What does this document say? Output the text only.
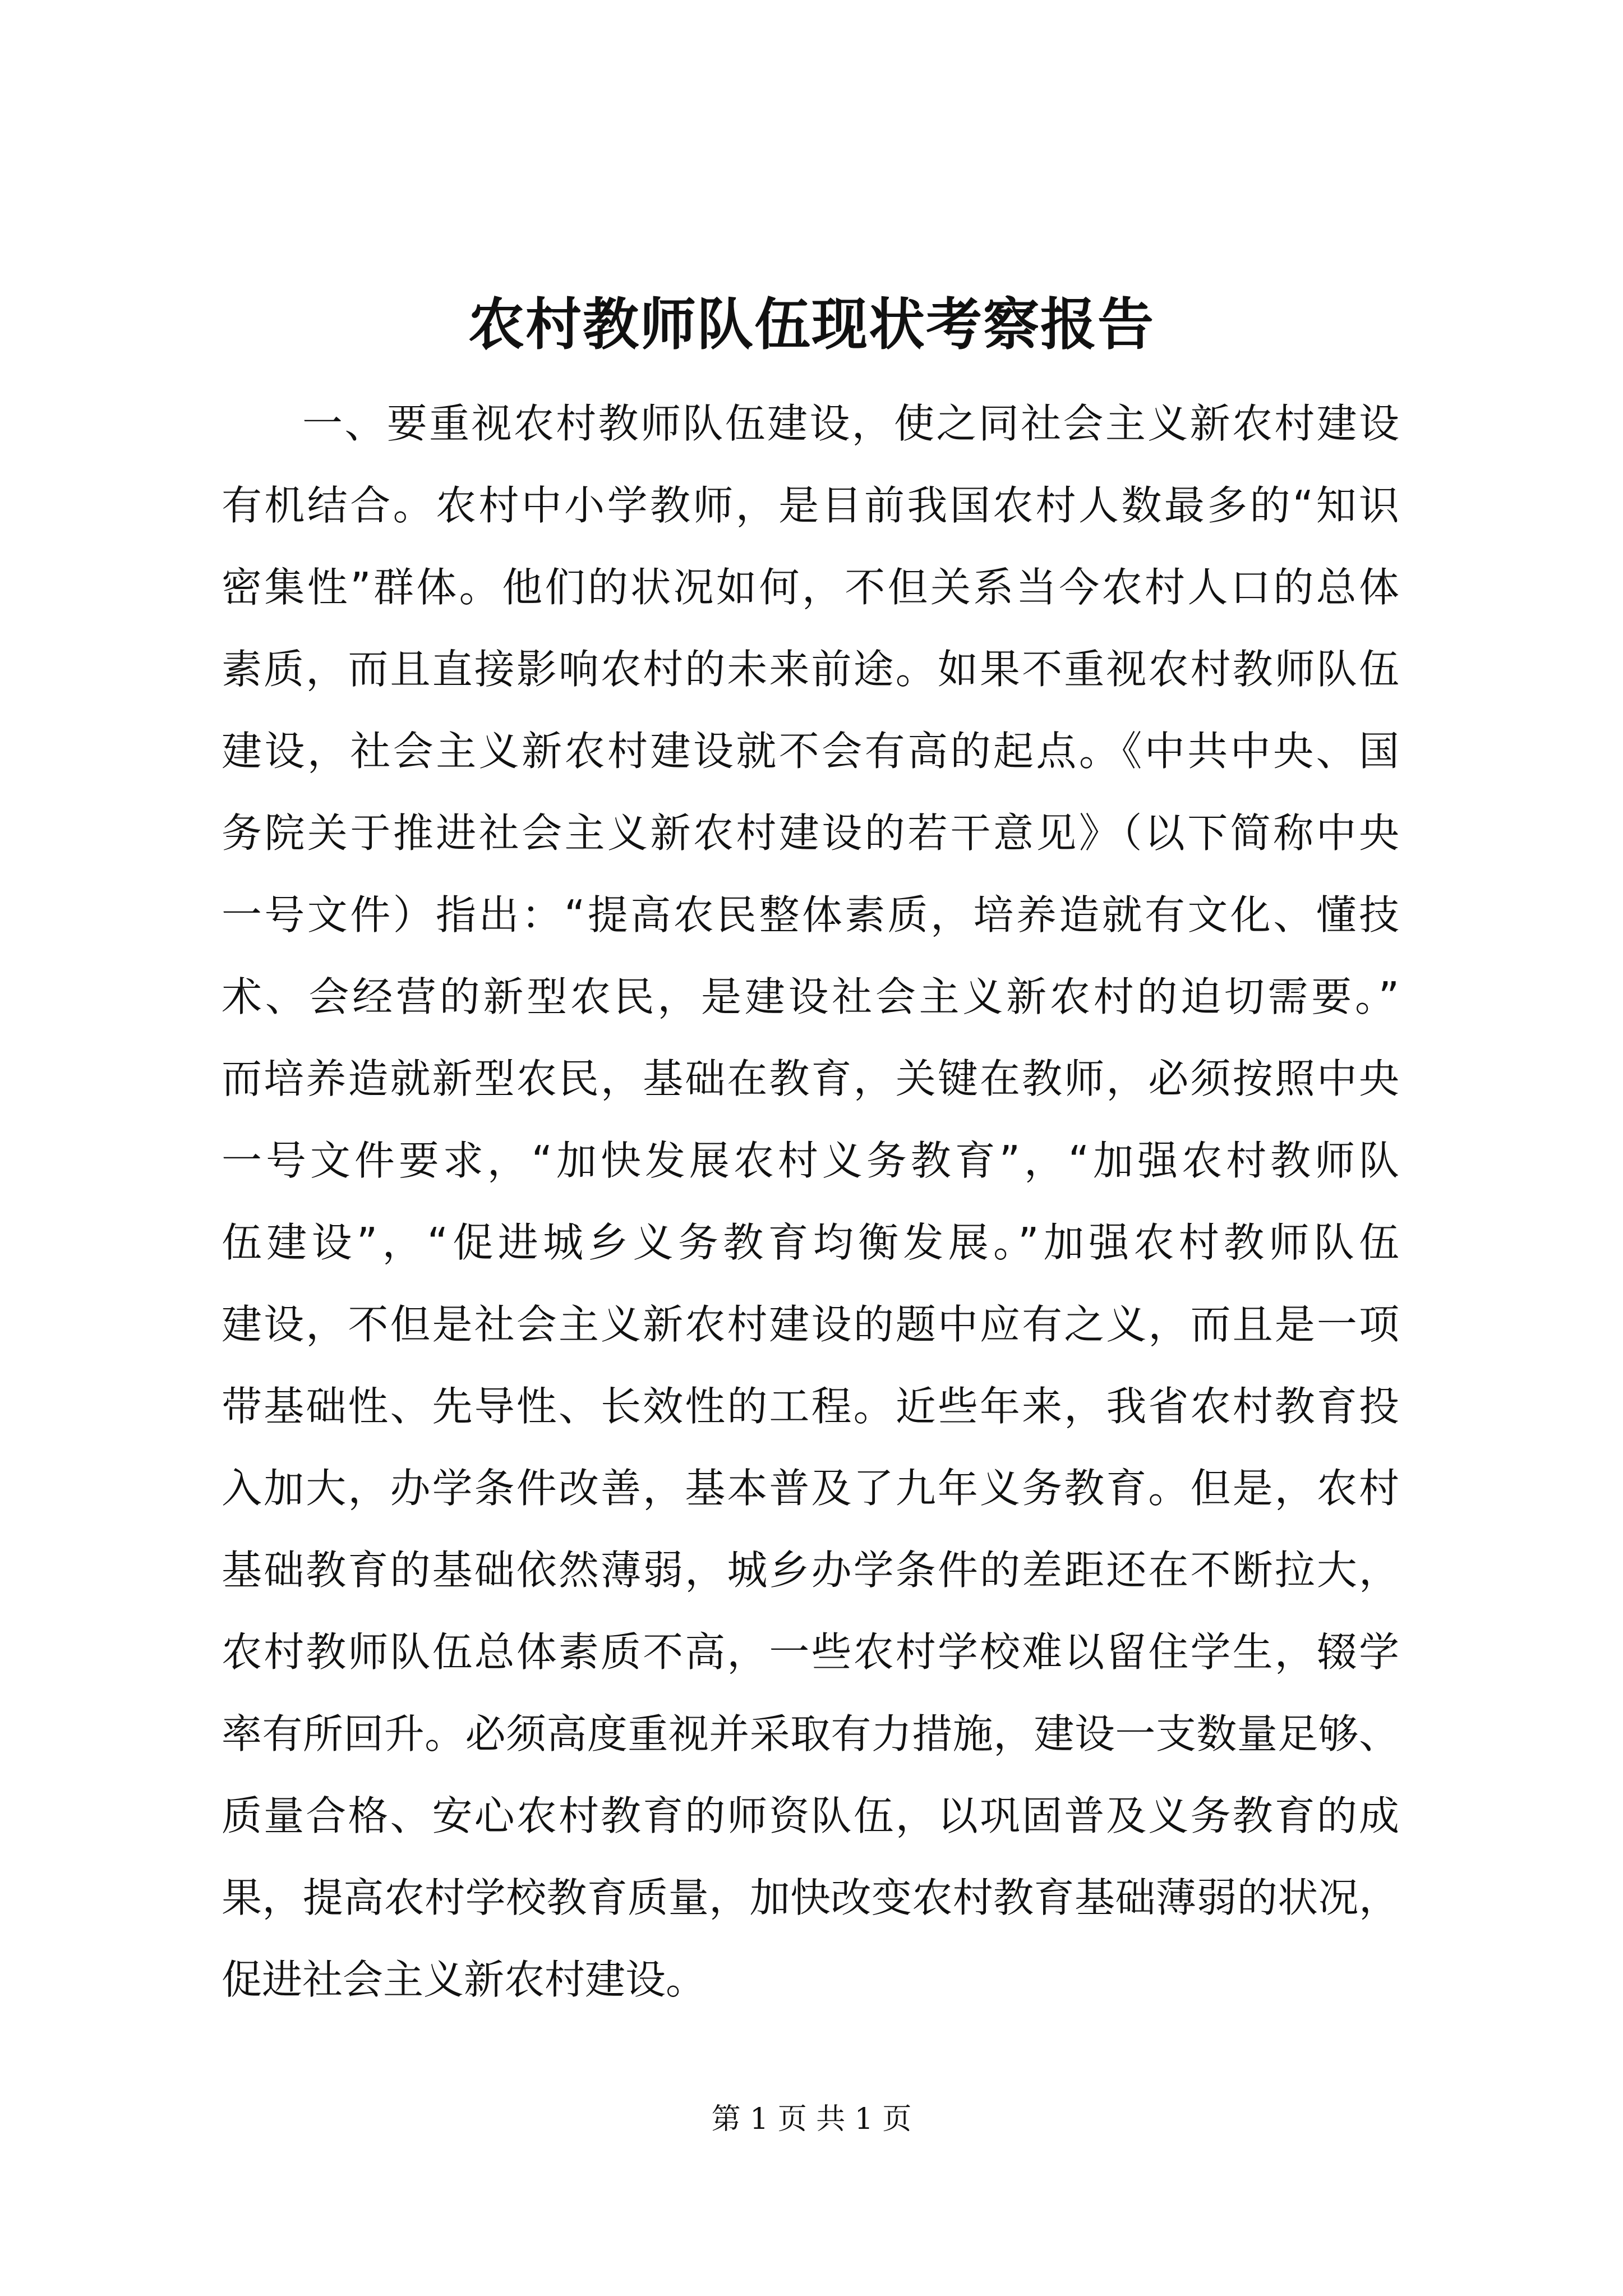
农村教师队伍现状考察报告
一、要重视农村教师队伍建设，使之同社会主义新农村建设
有机结合。农村中小学教师，是目前我国农村人数最多的“知识
密集性”群体。他们的状况如何，不但关系当今农村人口的总体
素质，而且直接影响农村的未来前途。如果不重视农村教师队伍
建设，社会主义新农村建设就不会有高的起点。《中共中央、国
务院关于推进社会主义新农村建设的若干意见》（以下简称中央
一号文件）指出：“提高农民整体素质，培养造就有文化、懂技
术、会经营的新型农民，是建设社会主义新农村的迫切需要。”
而培养造就新型农民，基础在教育，关键在教师，必须按照中央
一号文件要求，“加快发展农村义务教育”，“加强农村教师队
伍建设”，“促进城乡义务教育均衡发展。”加强农村教师队伍
建设，不但是社会主义新农村建设的题中应有之义，而且是一项
带基础性、先导性、长效性的工程。近些年来，我省农村教育投
入加大，办学条件改善，基本普及了九年义务教育。但是，农村
基础教育的基础依然薄弱，城乡办学条件的差距还在不断拉大，
农村教师队伍总体素质不高，一些农村学校难以留住学生，辍学
率有所回升。必须高度重视并采取有力措施，建设一支数量足够、
质量合格、安心农村教育的师资队伍，以巩固普及义务教育的成
果，提高农村学校教育质量，加快改变农村教育基础薄弱的状况，
促进社会主义新农村建设。
第 1 页 共 1 页
